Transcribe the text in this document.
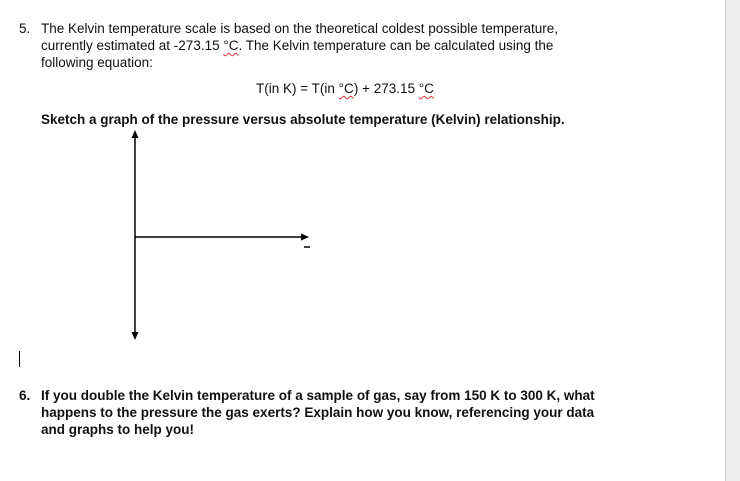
5. The Kelvin temperature scale is based on the theoretical coldest possible temperature,
currently estimated at -273.15 °C. The Kelvin temperature can be calculated using the
following equation:
T(in K) = T(in °C) + 273.15 °C
Sketch a graph of the pressure versus absolute temperature (Kelvin) relationship.
6. If you double the Kelvin temperature of a sample of gas, say from 150 K to 300 K, what
happens to the pressure the gas exerts? Explain how you know, referencing your data
and graphs to help you!
